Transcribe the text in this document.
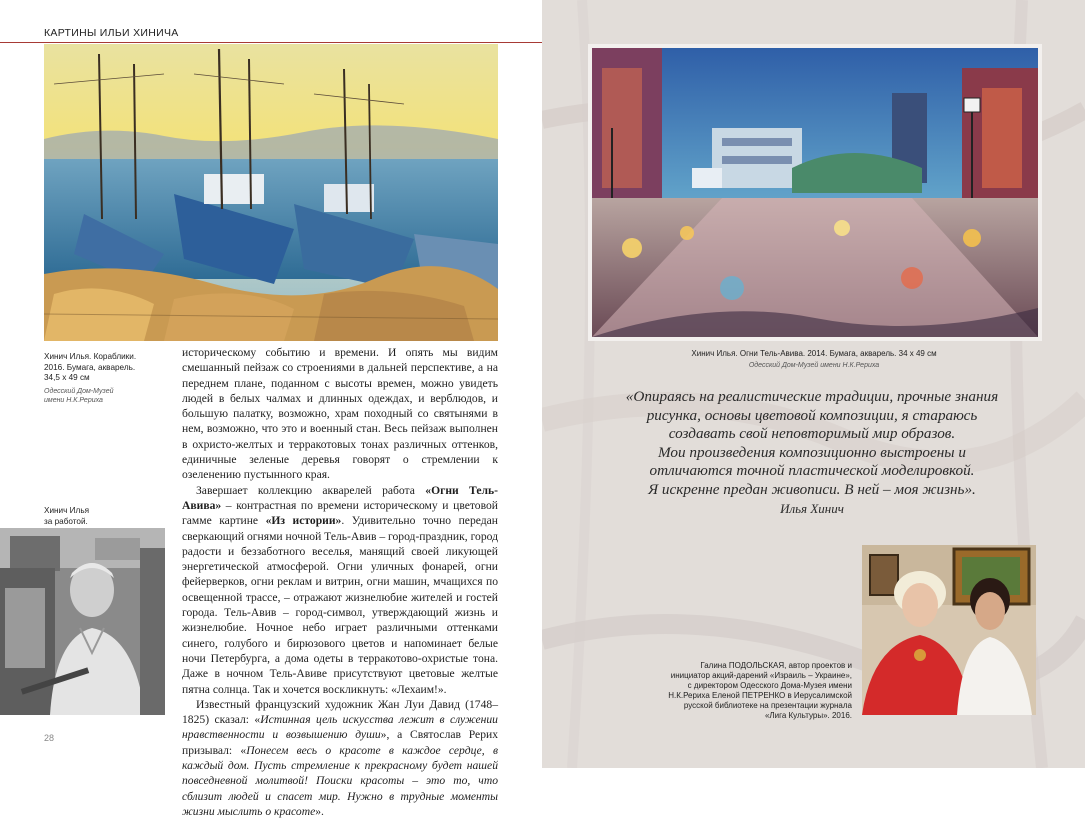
КАРТИНЫ ИЛЬИ ХИНИЧА
Хинич Илья. Кораблики.
2016. Бумага, акварель.
34,5 х 49 см
Одесский Дом-Музей
имени Н.К.Рериха
Хинич Илья
за работой.

историческому событию и времени. И опять мы видим смешанный пейзаж со строениями в дальней перспективе, а на переднем плане, поданном с высоты времен, можно увидеть людей в белых чалмах и длинных одеждах, и верблюдов, и большую палатку, возможно, храм походный со святынями в нем, возможно, что это и военный стан. Весь пейзаж выполнен в охристо-желтых и терракотовых тонах различных оттенков, единичные зеленые деревья говорят о стремлении к озеленению пустынного края.

Завершает коллекцию акварелей работа «Огни Тель-Авива» – контрастная по времени историческому и цветовой гамме картине «Из истории». Удивительно точно передан сверкающий огнями ночной Тель-Авив – город-праздник, город радости и беззаботного веселья, манящий своей ликующей энергетической атмосферой. Огни уличных фонарей, огни фейерверков, огни реклам и витрин, огни машин, мчащихся по освещенной трассе, – отражают жизнелюбие жителей и гостей города. Тель-Авив – город-символ, утверждающий жизнь и жизнелюбие. Ночное небо играет различными оттенками синего, голубого и бирюзового цветов и напоминает белые ночи Петербурга, а дома одеты в терракотово-охристые тона. Даже в ночном Тель-Авиве присутствуют цветовые желтые пятна солнца. Так и хочется воскликнуть: «Лехаим!».

Известный французский художник Жан Луи Давид (1748–1825) сказал: «Истинная цель искусства лежит в служении нравственности и возвышению души», а Святослав Рерих призывал: «Понесем весь о красоте в каждое сердце, в каждый дом. Пусть стремление к прекрасному будет нашей повседневной молитвой! Поиски красоты – это то, что сблизит людей и спасет мир. Нужно в трудные моменты жизни мыслить о красоте».

28
Хинич Илья. Огни Тель-Авива. 2014. Бумага, акварель. 34 х 49 см
Одесский Дом-Музей имени Н.К.Рериха
«Опираясь на реалистические традиции, прочные знания
рисунка, основы цветовой композиции, я стараюсь
создавать свой неповторимый мир образов.
Мои произведения композиционно выстроены и
отличаются точной пластической моделировкой.
Я искренне предан живописи. В ней – моя жизнь».
Илья Хинич
Галина ПОДОЛЬСКАЯ, автор проектов и
инициатор акций-дарений «Израиль – Украине»,
с директором Одесского Дома-Музея имени
Н.К.Рериха Еленой ПЕТРЕНКО в Иерусалимской
русской библиотеке на презентации журнала
«Лига Культуры». 2016.
